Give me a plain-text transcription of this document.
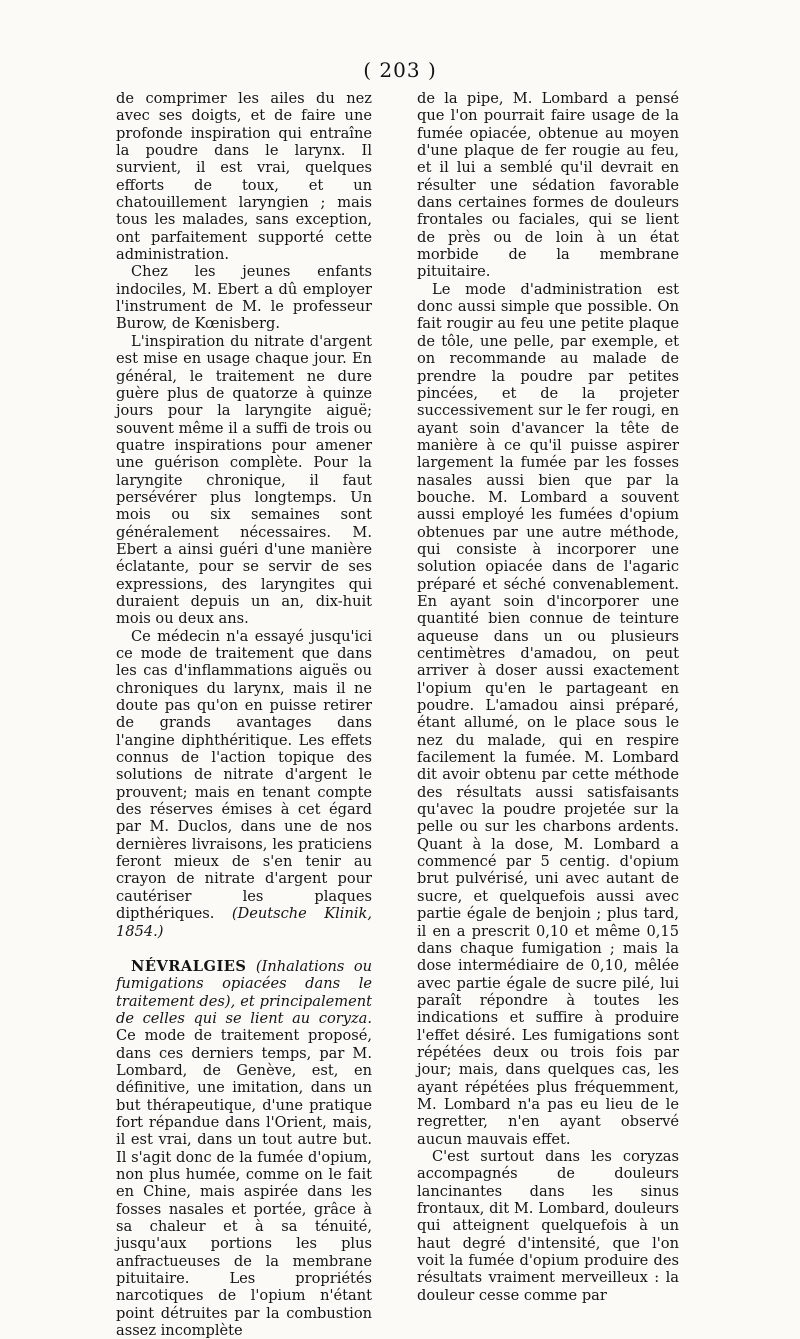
( 203 )

de comprimer les ailes du nez avec ses doigts, et de faire une profonde inspiration qui entraîne la poudre dans le larynx. Il survient, il est vrai, quelques efforts de toux, et un chatouillement laryngien ; mais tous les malades, sans exception, ont parfaitement supporté cette administration.

Chez les jeunes enfants indociles, M. Ebert a dû employer l'instrument de M. le professeur Burow, de Kœnisberg.

L'inspiration du nitrate d'argent est mise en usage chaque jour. En général, le traitement ne dure guère plus de quatorze à quinze jours pour la laryngite aiguë; souvent même il a suffi de trois ou quatre inspirations pour amener une guérison complète. Pour la laryngite chronique, il faut persévérer plus longtemps. Un mois ou six semaines sont généralement nécessaires. M. Ebert a ainsi guéri d'une manière éclatante, pour se servir de ses expressions, des laryngites qui duraient depuis un an, dix-huit mois ou deux ans.

Ce médecin n'a essayé jusqu'ici ce mode de traitement que dans les cas d'inflammations aiguës ou chroniques du larynx, mais il ne doute pas qu'on en puisse retirer de grands avantages dans l'angine diphthéritique. Les effets connus de l'action topique des solutions de nitrate d'argent le prouvent; mais en tenant compte des réserves émises à cet égard par M. Duclos, dans une de nos dernières livraisons, les praticiens feront mieux de s'en tenir au crayon de nitrate d'argent pour cautériser les plaques dipthériques. (Deutsche Klinik, 1854.)

NÉVRALGIES (Inhalations ou fumigations opiacées dans le traitement des), et principalement de celles qui se lient au coryza. Ce mode de traitement proposé, dans ces derniers temps, par M. Lombard, de Genève, est, en définitive, une imitation, dans un but thérapeutique, d'une pratique fort répandue dans l'Orient, mais, il est vrai, dans un tout autre but. Il s'agit donc de la fumée d'opium, non plus humée, comme on le fait en Chine, mais aspirée dans les fosses nasales et portée, grâce à sa chaleur et à sa ténuité, jusqu'aux portions les plus anfractueuses de la membrane pituitaire. Les propriétés narcotiques de l'opium n'étant point détruites par la combustion assez incomplète

de la pipe, M. Lombard a pensé que l'on pourrait faire usage de la fumée opiacée, obtenue au moyen d'une plaque de fer rougie au feu, et il lui a semblé qu'il devrait en résulter une sédation favorable dans certaines formes de douleurs frontales ou faciales, qui se lient de près ou de loin à un état morbide de la membrane pituitaire.

Le mode d'administration est donc aussi simple que possible. On fait rougir au feu une petite plaque de tôle, une pelle, par exemple, et on recommande au malade de prendre la poudre par petites pincées, et de la projeter successivement sur le fer rougi, en ayant soin d'avancer la tête de manière à ce qu'il puisse aspirer largement la fumée par les fosses nasales aussi bien que par la bouche. M. Lombard a souvent aussi employé les fumées d'opium obtenues par une autre méthode, qui consiste à incorporer une solution opiacée dans de l'agaric préparé et séché convenablement. En ayant soin d'incorporer une quantité bien connue de teinture aqueuse dans un ou plusieurs centimètres d'amadou, on peut arriver à doser aussi exactement l'opium qu'en le partageant en poudre. L'amadou ainsi préparé, étant allumé, on le place sous le nez du malade, qui en respire facilement la fumée. M. Lombard dit avoir obtenu par cette méthode des résultats aussi satisfaisants qu'avec la poudre projetée sur la pelle ou sur les charbons ardents. Quant à la dose, M. Lombard a commencé par 5 centig. d'opium brut pulvérisé, uni avec autant de sucre, et quelquefois aussi avec partie égale de benjoin ; plus tard, il en a prescrit 0,10 et même 0,15 dans chaque fumigation ; mais la dose intermédiaire de 0,10, mêlée avec partie égale de sucre pilé, lui paraît répondre à toutes les indications et suffire à produire l'effet désiré. Les fumigations sont répétées deux ou trois fois par jour; mais, dans quelques cas, les ayant répétées plus fréquemment, M. Lombard n'a pas eu lieu de le regretter, n'en ayant observé aucun mauvais effet.

C'est surtout dans les coryzas accompagnés de douleurs lancinantes dans les sinus frontaux, dit M. Lombard, douleurs qui atteignent quelquefois à un haut degré d'intensité, que l'on voit la fumée d'opium produire des résultats vraiment merveilleux : la douleur cesse comme par
